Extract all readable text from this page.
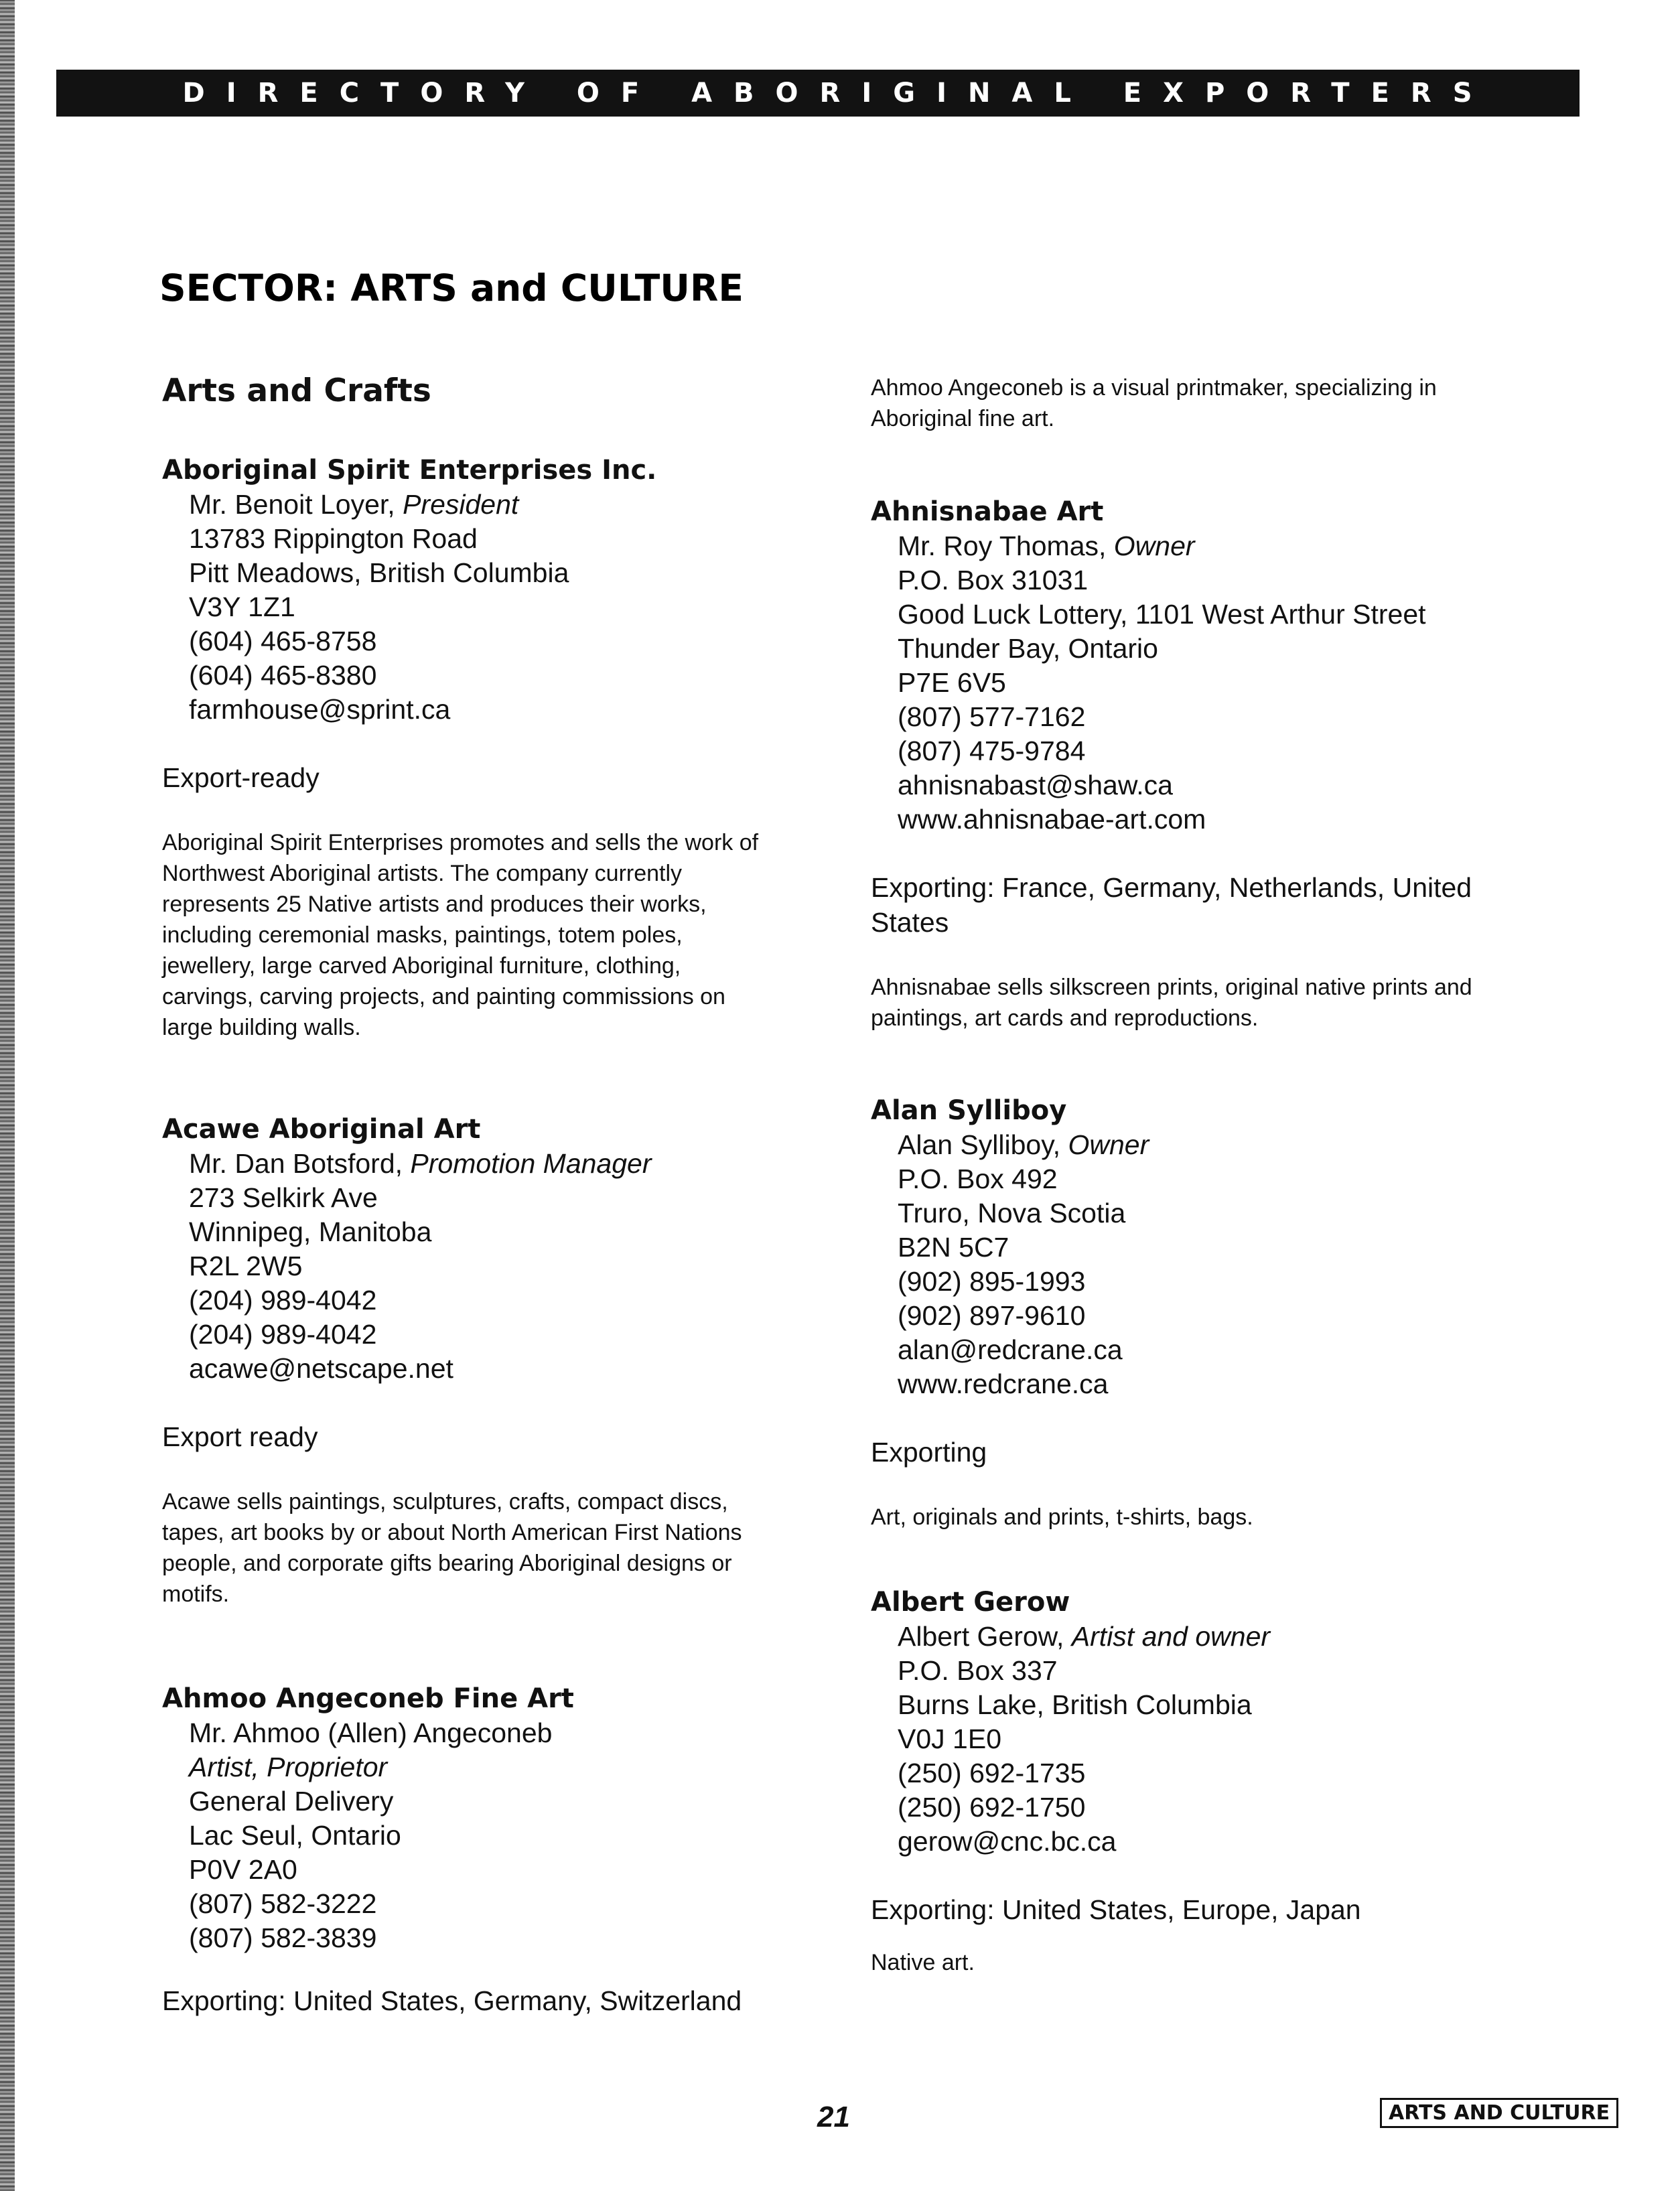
DIRECTORY OF ABORIGINAL EXPORTERS
SECTOR: ARTS and CULTURE
Arts and Crafts

Aboriginal Spirit Enterprises Inc.

Mr. Benoit Loyer, President
13783 Rippington Road
Pitt Meadows, British Columbia
V3Y 1Z1
(604) 465-8758
(604) 465-8380
farmhouse@sprint.ca
Export-ready
Aboriginal Spirit Enterprises promotes and sells the work of Northwest Aboriginal artists. The company currently represents 25 Native artists and produces their works, including ceremonial masks, paintings, totem poles, jewellery, large carved Aboriginal furniture, clothing, carvings, carving projects, and painting commissions on large building walls.

Acawe Aboriginal Art

Mr. Dan Botsford, Promotion Manager
273 Selkirk Ave
Winnipeg, Manitoba
R2L 2W5
(204) 989-4042
(204) 989-4042
acawe@netscape.net
Export ready
Acawe sells paintings, sculptures, crafts, compact discs, tapes, art books by or about North American First Nations people, and corporate gifts bearing Aboriginal designs or motifs.

Ahmoo Angeconeb Fine Art

Mr. Ahmoo (Allen) Angeconeb
Artist, Proprietor
General Delivery
Lac Seul, Ontario
P0V 2A0
(807) 582-3222
(807) 582-3839
Exporting: United States, Germany, Switzerland
Ahmoo Angeconeb is a visual printmaker, specializing in Aboriginal fine art.

Ahnisnabae Art

Mr. Roy Thomas, Owner
P.O. Box 31031
Good Luck Lottery, 1101 West Arthur Street
Thunder Bay, Ontario
P7E 6V5
(807) 577-7162
(807) 475-9784
ahnisnabast@shaw.ca
www.ahnisnabae-art.com
Exporting: France, Germany, Netherlands, United States
Ahnisnabae sells silkscreen prints, original native prints and paintings, art cards and reproductions.

Alan Sylliboy

Alan Sylliboy, Owner
P.O. Box 492
Truro, Nova Scotia
B2N 5C7
(902) 895-1993
(902) 897-9610
alan@redcrane.ca
www.redcrane.ca
Exporting
Art, originals and prints, t-shirts, bags.

Albert Gerow

Albert Gerow, Artist and owner
P.O. Box 337
Burns Lake, British Columbia
V0J 1E0
(250) 692-1735
(250) 692-1750
gerow@cnc.bc.ca
Exporting: United States, Europe, Japan
Native art.
21	ARTS AND CULTURE
